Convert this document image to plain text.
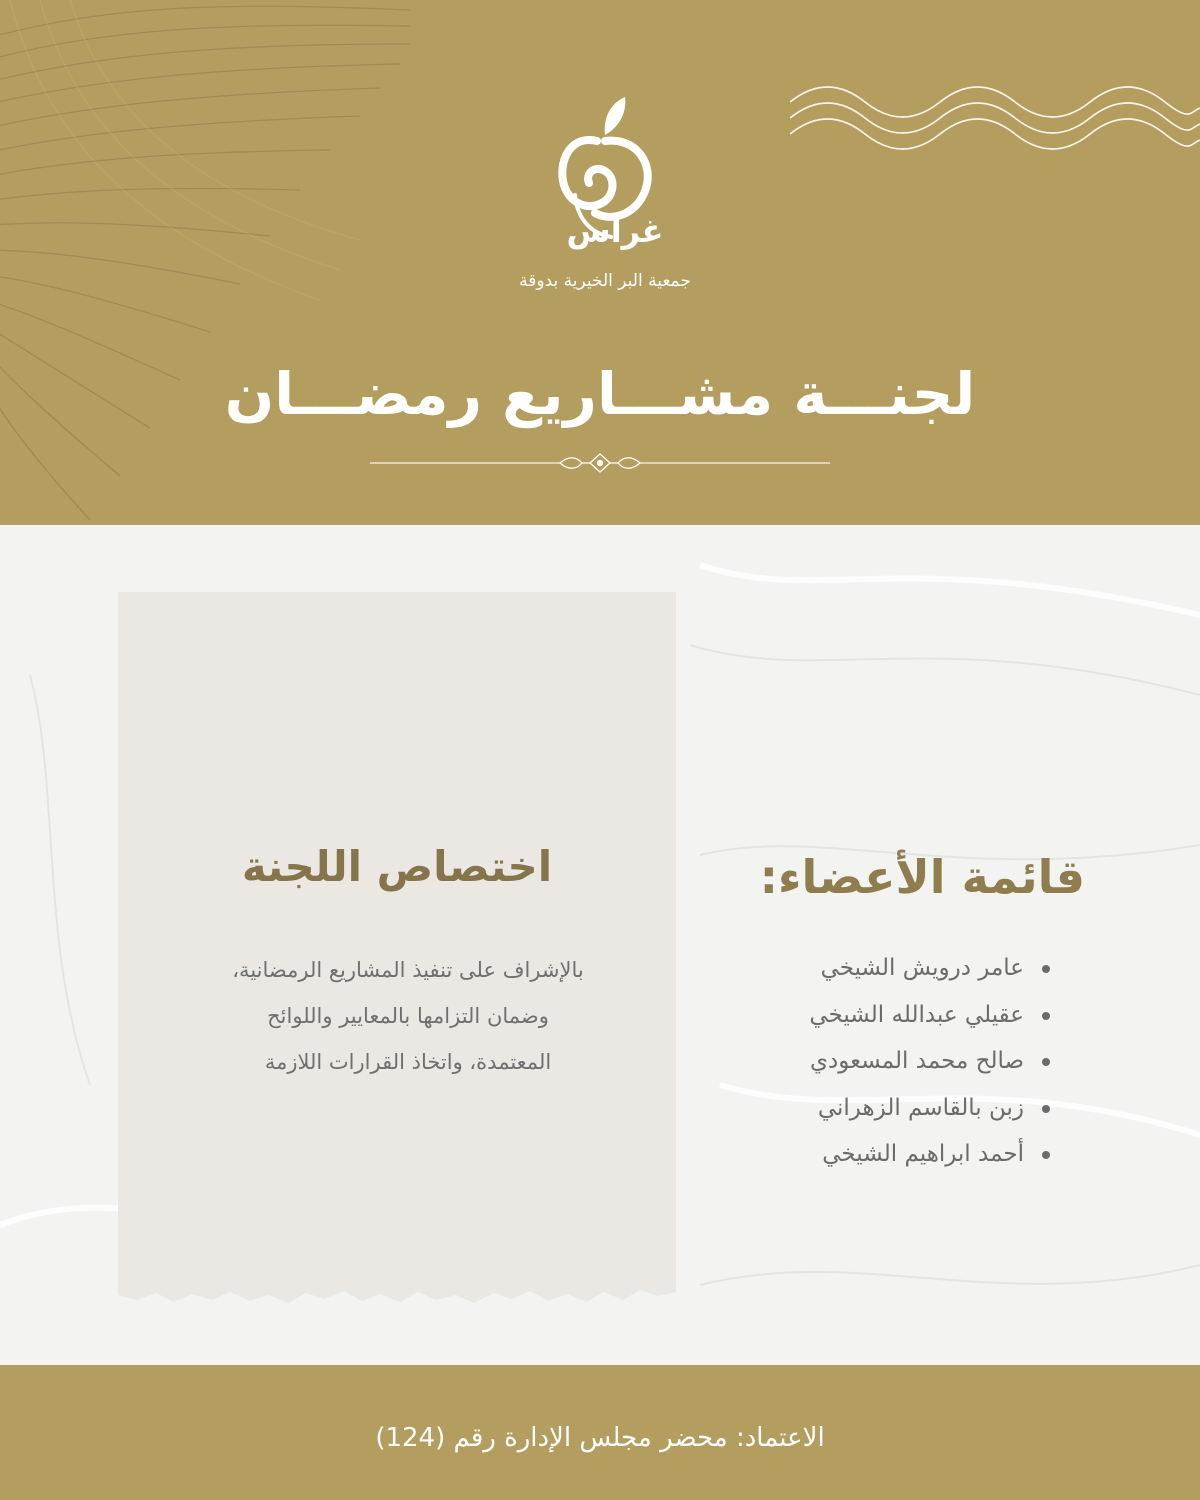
غراس
جمعية البر الخيرية بدوقة
لجنـــة مشـــاريع رمضـــان
اختصاص اللجنة
بالإشراف على تنفيذ المشاريع الرمضانية،
وضمان التزامها بالمعايير واللوائح
المعتمدة، واتخاذ القرارات اللازمة
قائمة الأعضاء:
عامر درويش الشيخي
عقيلي عبدالله الشيخي
صالح محمد المسعودي
زبن بالقاسم الزهراني
أحمد ابراهيم الشيخي
الاعتماد: محضر مجلس الإدارة رقم (124)
